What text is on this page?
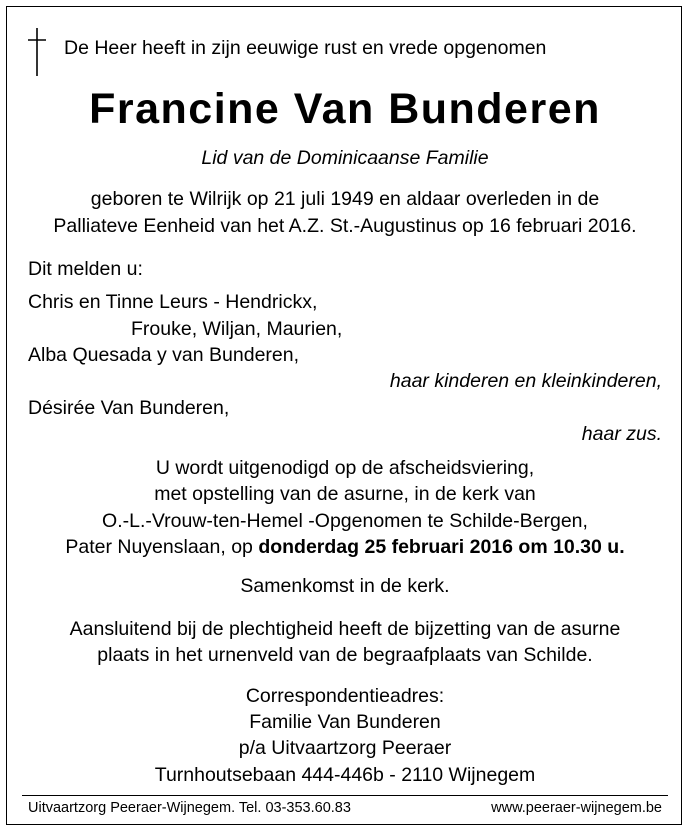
De Heer heeft in zijn eeuwige rust en vrede opgenomen
Francine Van Bunderen
Lid van de Dominicaanse Familie
geboren te Wilrijk op 21 juli 1949 en aldaar overleden in de
Palliateve Eenheid van het A.Z. St.-Augustinus op 16 februari 2016.
Dit melden u:
Chris en Tinne Leurs - Hendrickx,
Frouke, Wiljan, Maurien,
Alba Quesada y van Bunderen,
haar kinderen en kleinkinderen,
Désirée Van Bunderen,
haar zus.
U wordt uitgenodigd op de afscheidsviering,
met opstelling van de asurne, in de kerk van
O.-L.-Vrouw-ten-Hemel -Opgenomen te Schilde-Bergen,
Pater Nuyenslaan, op donderdag 25 februari 2016 om 10.30 u.
Samenkomst in de kerk.
Aansluitend bij de plechtigheid heeft de bijzetting van de asurne
plaats in het urnenveld van de begraafplaats van Schilde.
Correspondentieadres:
Familie Van Bunderen
p/a Uitvaartzorg Peeraer
Turnhoutsebaan 444-446b - 2110 Wijnegem
Uitvaartzorg Peeraer-Wijnegem. Tel. 03-353.60.83	www.peeraer-wijnegem.be
